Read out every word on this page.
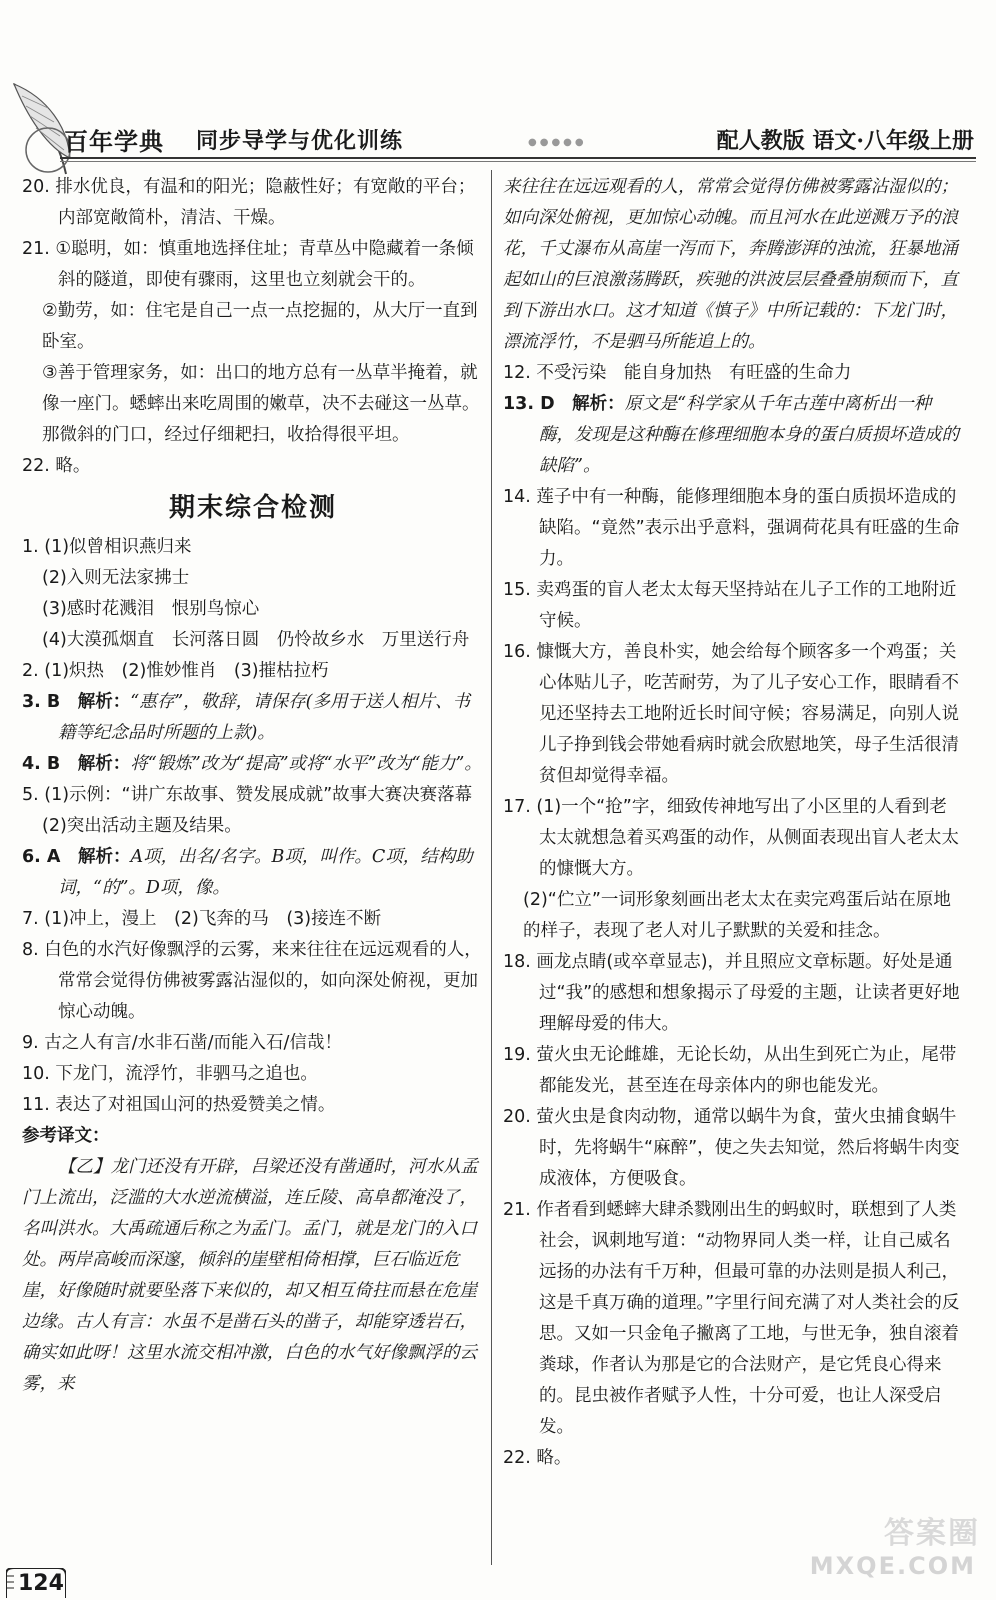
百年学典 同步导学与优化训练	●●●●●	配人教版 语文·八年级上册

20. 排水优良，有温和的阳光；隐蔽性好；有宽敞的平台；内部宽敞简朴，清洁、干燥。

21. ①聪明，如：慎重地选择住址；青草丛中隐藏着一条倾斜的隧道，即使有骤雨，这里也立刻就会干的。

②勤劳，如：住宅是自己一点一点挖掘的，从大厅一直到卧室。

③善于管理家务，如：出口的地方总有一丛草半掩着，就像一座门。蟋蟀出来吃周围的嫩草，决不去碰这一丛草。那微斜的门口，经过仔细耙扫，收拾得很平坦。

22. 略。

期末综合检测

1. (1)似曾相识燕归来

(2)入则无法家拂士

(3)感时花溅泪　恨别鸟惊心

(4)大漠孤烟直　长河落日圆　仍怜故乡水　万里送行舟

2. (1)炽热　(2)惟妙惟肖　(3)摧枯拉朽

3. B　解析：“惠存”，敬辞，请保存(多用于送人相片、书籍等纪念品时所题的上款)。

4. B　解析：将“锻炼”改为“提高”或将“水平”改为“能力”。

5. (1)示例：“讲广东故事、赞发展成就”故事大赛决赛落幕

(2)突出活动主题及结果。

6. A　解析：A项，出名/名字。B项，叫作。C项，结构助词，“的”。D项，像。

7. (1)冲上，漫上　(2)飞奔的马　(3)接连不断

8. 白色的水汽好像飘浮的云雾，来来往往在远远观看的人，常常会觉得仿佛被雾露沾湿似的，如向深处俯视，更加惊心动魄。

9. 古之人有言/水非石凿/而能入石/信哉！

10. 下龙门，流浮竹，非驷马之追也。

11. 表达了对祖国山河的热爱赞美之情。

参考译文：

【乙】龙门还没有开辟，吕梁还没有凿通时，河水从孟门上流出，泛滥的大水逆流横溢，连丘陵、高阜都淹没了，名叫洪水。大禹疏通后称之为孟门。孟门，就是龙门的入口处。两岸高峻而深邃，倾斜的崖壁相倚相撑，巨石临近危崖，好像随时就要坠落下来似的，却又相互倚拄而悬在危崖边缘。古人有言：水虽不是凿石头的凿子，却能穿透岩石，确实如此呀！这里水流交相冲激，白色的水气好像飘浮的云雾，来

来往往在远远观看的人，常常会觉得仿佛被雾露沾湿似的；如向深处俯视，更加惊心动魄。而且河水在此逆溅万予的浪花，千丈瀑布从高崖一泻而下，奔腾澎湃的浊流，狂暴地涌起如山的巨浪激荡腾跃，疾驰的洪波层层叠叠崩颓而下，直到下游出水口。这才知道《慎子》中所记载的：下龙门时，漂流浮竹，不是驷马所能追上的。

12. 不受污染　能自身加热　有旺盛的生命力

13. D　解析：原文是“科学家从千年古莲中离析出一种酶，发现是这种酶在修理细胞本身的蛋白质损坏造成的缺陷”。

14. 莲子中有一种酶，能修理细胞本身的蛋白质损坏造成的缺陷。“竟然”表示出乎意料，强调荷花具有旺盛的生命力。

15. 卖鸡蛋的盲人老太太每天坚持站在儿子工作的工地附近守候。

16. 慷慨大方，善良朴实，她会给每个顾客多一个鸡蛋；关心体贴儿子，吃苦耐劳，为了儿子安心工作，眼睛看不见还坚持去工地附近长时间守候；容易满足，向别人说儿子挣到钱会带她看病时就会欣慰地笑，母子生活很清贫但却觉得幸福。

17. (1)一个“抢”字，细致传神地写出了小区里的人看到老太太就想急着买鸡蛋的动作，从侧面表现出盲人老太太的慷慨大方。

(2)“伫立”一词形象刻画出老太太在卖完鸡蛋后站在原地的样子，表现了老人对儿子默默的关爱和挂念。

18. 画龙点睛(或卒章显志)，并且照应文章标题。好处是通过“我”的感想和想象揭示了母爱的主题，让读者更好地理解母爱的伟大。

19. 萤火虫无论雌雄，无论长幼，从出生到死亡为止，尾带都能发光，甚至连在母亲体内的卵也能发光。

20. 萤火虫是食肉动物，通常以蜗牛为食，萤火虫捕食蜗牛时，先将蜗牛“麻醉”，使之失去知觉，然后将蜗牛肉变成液体，方便吸食。

21. 作者看到蟋蟀大肆杀戮刚出生的蚂蚁时，联想到了人类社会，讽刺地写道：“动物界同人类一样，让自己威名远扬的办法有千万种，但最可靠的办法则是损人利己，这是千真万确的道理。”字里行间充满了对人类社会的反思。又如一只金龟子撇离了工地，与世无争，独自滚着粪球，作者认为那是它的合法财产，是它凭良心得来的。昆虫被作者赋予人性，十分可爱，也让人深受启发。

22. 略。

124
答案圈
MXQE.COM
